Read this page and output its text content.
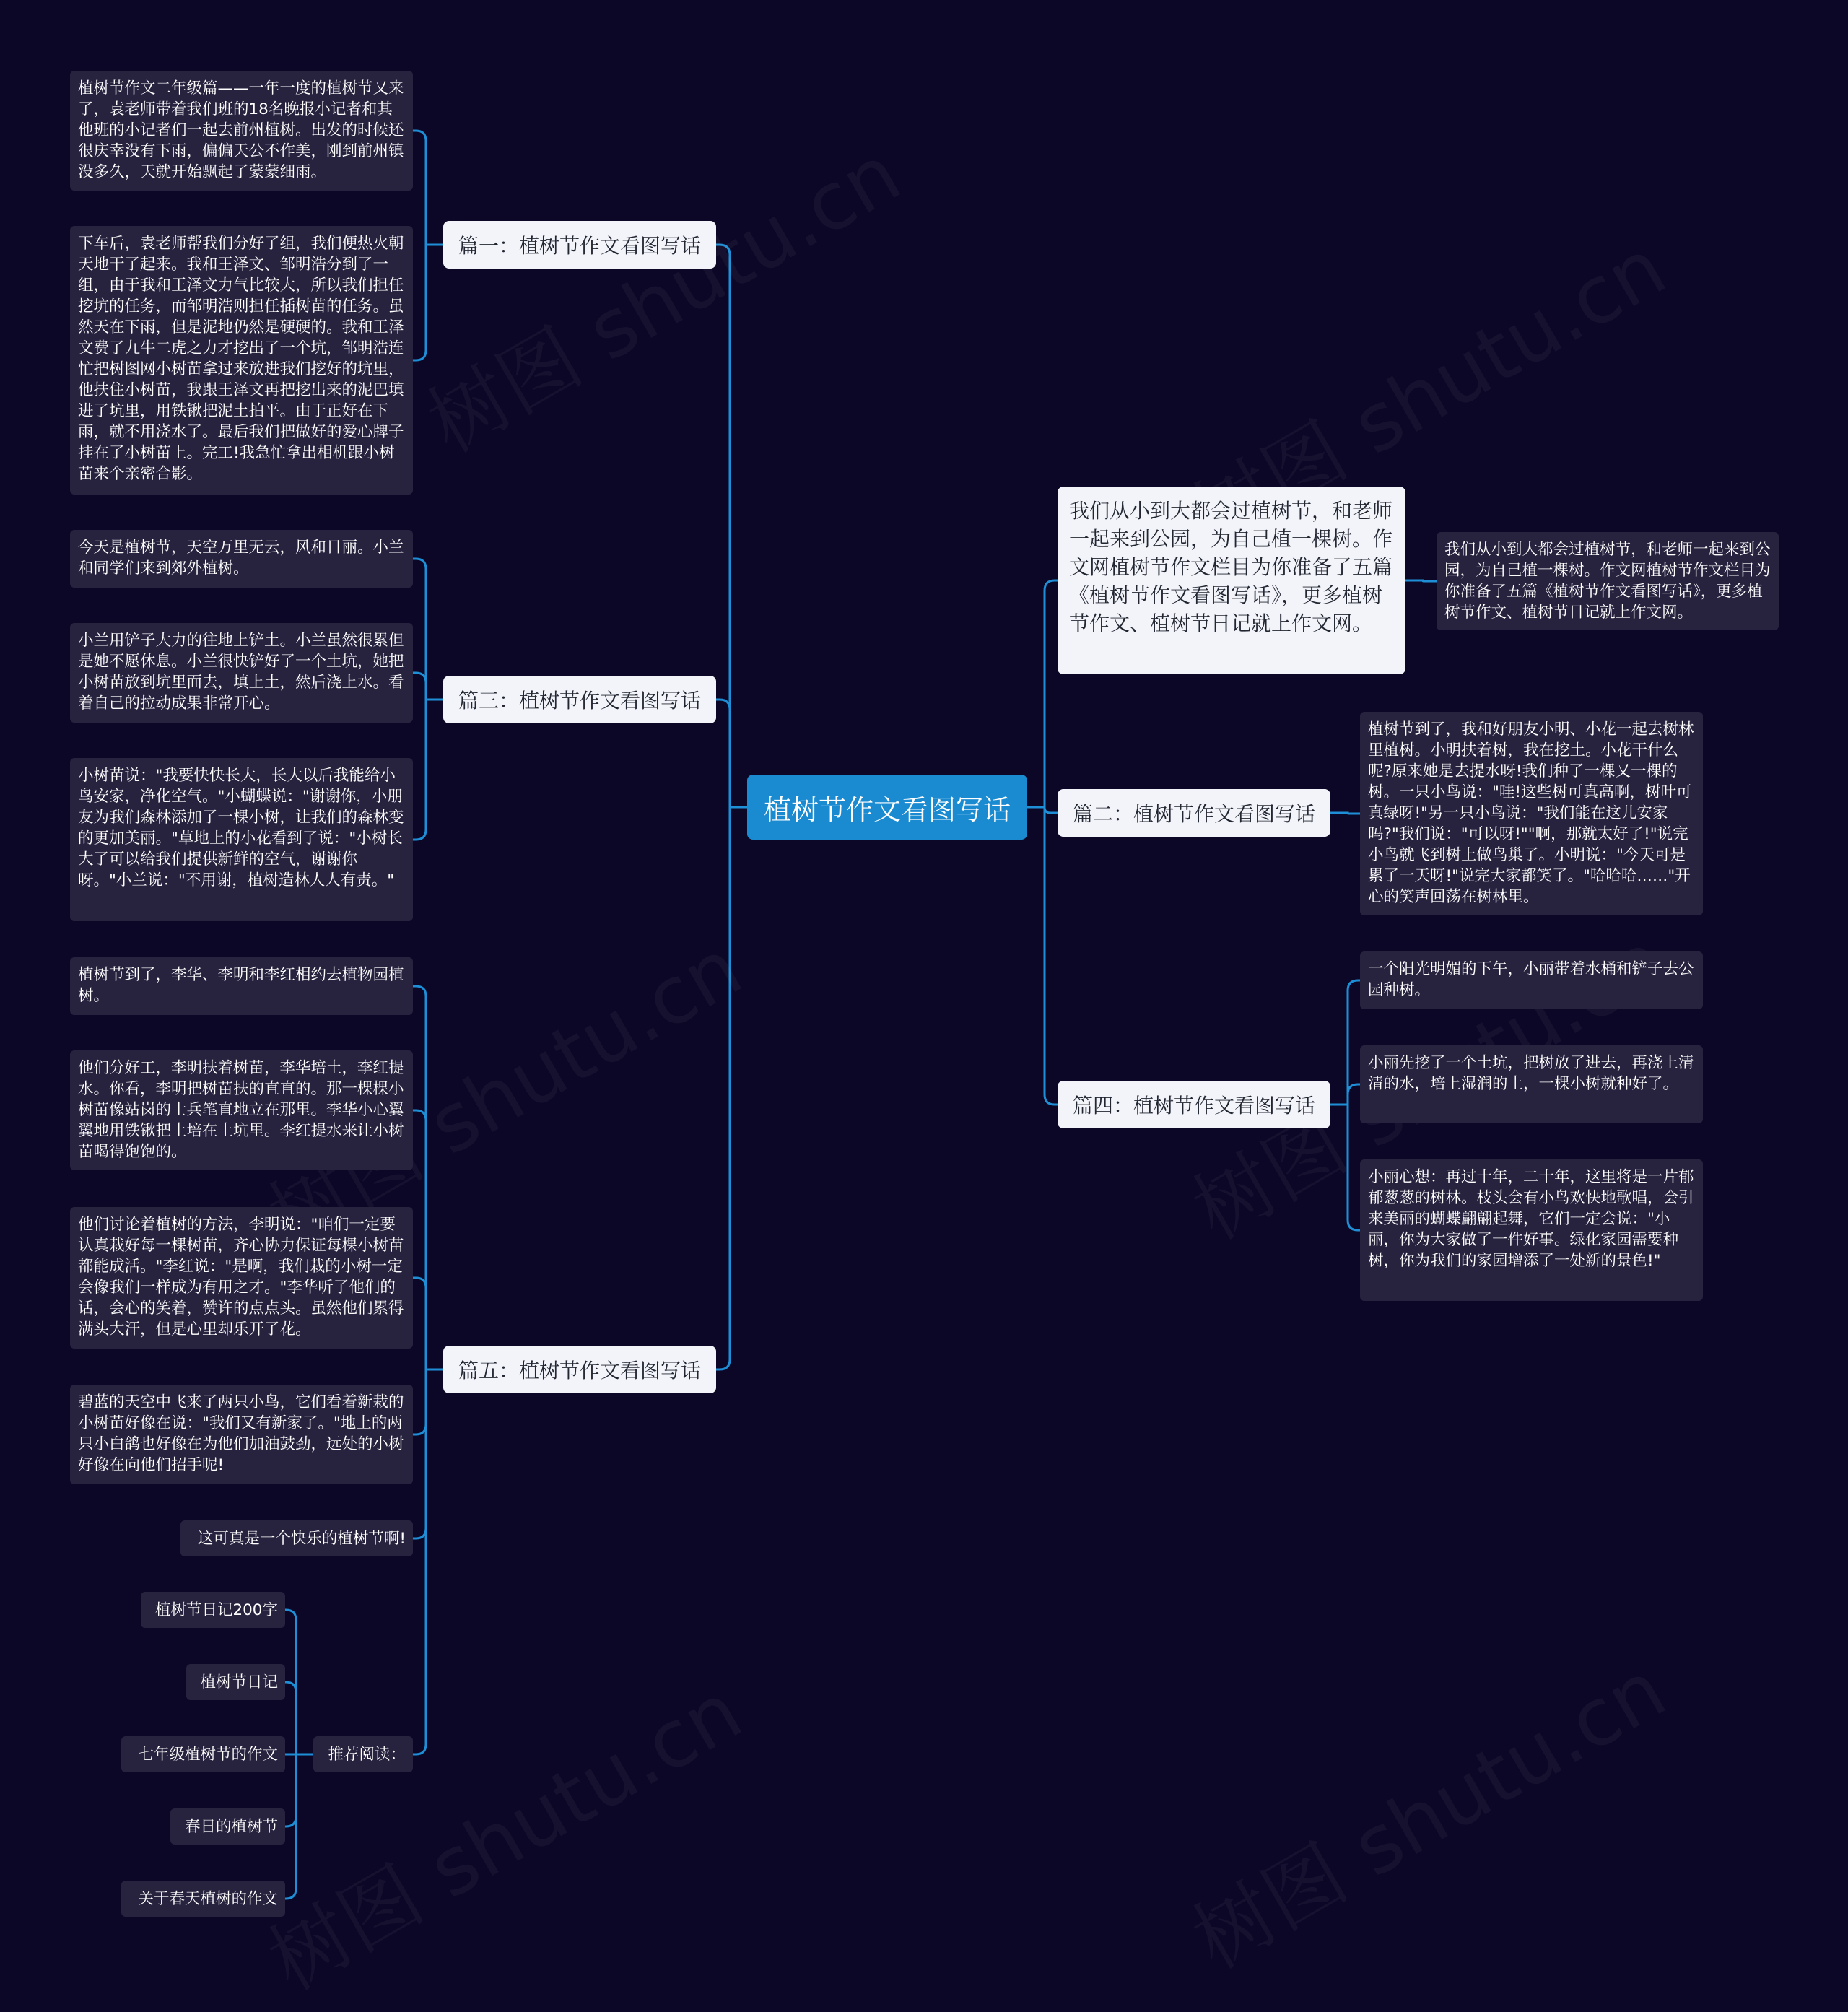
植树节作文看图写话
我们从小到大都会过植树节，和老师一起来到公园，为自己植一棵树。作文网植树节作文栏目为你准备了五篇《植树节作文看图写话》，更多植树节作文、植树节日记就上作文网。
我们从小到大都会过植树节，和老师一起来到公园，为自己植一棵树。作文网植树节作文栏目为你准备了五篇《植树节作文看图写话》，更多植树节作文、植树节日记就上作文网。
篇一：植树节作文看图写话
篇三：植树节作文看图写话
篇五：植树节作文看图写话
篇二：植树节作文看图写话
篇四：植树节作文看图写话
植树节作文二年级篇——一年一度的植树节又来了，袁老师带着我们班的18名晚报小记者和其他班的小记者们一起去前州植树。出发的时候还很庆幸没有下雨，偏偏天公不作美，刚到前州镇没多久，天就开始飘起了蒙蒙细雨。
下车后，袁老师帮我们分好了组，我们便热火朝天地干了起来。我和王泽文、邹明浩分到了一组，由于我和王泽文力气比较大，所以我们担任挖坑的任务，而邹明浩则担任插树苗的任务。虽然天在下雨，但是泥地仍然是硬硬的。我和王泽文费了九牛二虎之力才挖出了一个坑，邹明浩连忙把树图网小树苗拿过来放进我们挖好的坑里，他扶住小树苗，我跟王泽文再把挖出来的泥巴填进了坑里，用铁锹把泥土拍平。由于正好在下雨，就不用浇水了。最后我们把做好的爱心牌子挂在了小树苗上。完工!我急忙拿出相机跟小树苗来个亲密合影。
今天是植树节，天空万里无云，风和日丽。小兰和同学们来到郊外植树。
小兰用铲子大力的往地上铲土。小兰虽然很累但是她不愿休息。小兰很快铲好了一个土坑，她把小树苗放到坑里面去，填上土，然后浇上水。看着自己的拉动成果非常开心。
小树苗说："我要快快长大，长大以后我能给小鸟安家，净化空气。"小蝴蝶说："谢谢你，小朋友为我们森林添加了一棵小树，让我们的森林变的更加美丽。"草地上的小花看到了说："小树长大了可以给我们提供新鲜的空气，谢谢你呀。"小兰说："不用谢，植树造林人人有责。"
植树节到了，李华、李明和李红相约去植物园植树。
他们分好工，李明扶着树苗，李华培土，李红提水。你看，李明把树苗扶的直直的。那一棵棵小树苗像站岗的士兵笔直地立在那里。李华小心翼翼地用铁锹把土培在土坑里。李红提水来让小树苗喝得饱饱的。
他们讨论着植树的方法，李明说："咱们一定要认真栽好每一棵树苗，齐心协力保证每棵小树苗都能成活。"李红说："是啊，我们栽的小树一定会像我们一样成为有用之才。"李华听了他们的话，会心的笑着，赞许的点点头。虽然他们累得满头大汗，但是心里却乐开了花。
碧蓝的天空中飞来了两只小鸟，它们看着新栽的小树苗好像在说："我们又有新家了。"地上的两只小白鸽也好像在为他们加油鼓劲，远处的小树好像在向他们招手呢!
这可真是一个快乐的植树节啊!
推荐阅读：
植树节日记200字
植树节日记
七年级植树节的作文
春日的植树节
关于春天植树的作文
植树节到了，我和好朋友小明、小花一起去树林里植树。小明扶着树，我在挖土。小花干什么呢?原来她是去提水呀!我们种了一棵又一棵的树。一只小鸟说："哇!这些树可真高啊，树叶可真绿呀!"另一只小鸟说："我们能在这儿安家吗?"我们说："可以呀!""啊，那就太好了!"说完小鸟就飞到树上做鸟巢了。小明说："今天可是累了一天呀!"说完大家都笑了。"哈哈哈……"开心的笑声回荡在树林里。
一个阳光明媚的下午，小丽带着水桶和铲子去公园种树。
小丽先挖了一个土坑，把树放了进去，再浇上清清的水，培上湿润的土，一棵小树就种好了。
小丽心想：再过十年，二十年，这里将是一片郁郁葱葱的树林。枝头会有小鸟欢快地歌唱，会引来美丽的蝴蝶翩翩起舞，它们一定会说："小丽，你为大家做了一件好事。绿化家园需要种树，你为我们的家园增添了一处新的景色!"
